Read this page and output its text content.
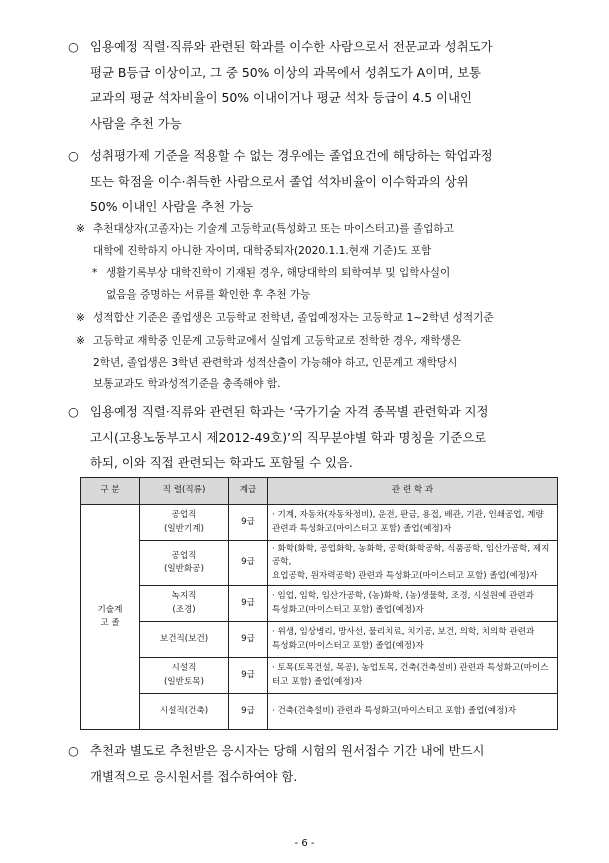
○ 임용예정 직렬·직류와 관련된 학과를 이수한 사람으로서 전문교과 성취도가
평균 B등급 이상이고, 그 중 50% 이상의 과목에서 성취도가 A이며, 보통
교과의 평균 석차비율이 50% 이내이거나 평균 석차 등급이 4.5 이내인
사람을 추천 가능
○ 성취평가제 기준을 적용할 수 없는 경우에는 졸업요건에 해당하는 학업과정
또는 학점을 이수·취득한 사람으로서 졸업 석차비율이 이수학과의 상위
50% 이내인 사람을 추천 가능
※ 추천대상자(고졸자)는 기술계 고등학교(특성화고 또는 마이스터고)를 졸업하고
대학에 진학하지 아니한 자이며, 대학중퇴자(2020.1.1.현재 기준)도 포함
* 생활기록부상 대학진학이 기재된 경우, 해당대학의 퇴학여부 및 입학사실이
없음을 증명하는 서류를 확인한 후 추천 가능
※ 성적합산 기준은 졸업생은 고등학교 전학년, 졸업예정자는 고등학교 1~2학년 성적기준
※ 고등학교 재학중 인문계 고등학교에서 실업계 고등학교로 전학한 경우, 재학생은
2학년, 졸업생은 3학년 관련학과 성적산출이 가능해야 하고, 인문계고 재학당시
보통교과도 학과성적기준을 충족해야 함.
○ 임용예정 직렬·직류와 관련된 학과는 ‘국가기술 자격 종목별 관련학과 지정
고시(고용노동부고시 제2012-49호)’의 직무분야별 학과 명칭을 기준으로
하되, 이와 직접 관련되는 학과도 포함될 수 있음.
구 분	직 렬(직류)	계급	관 련 학 과
기술계
고 졸	공업직
(일반기계)	9급	· 기계, 자동차(자동차정비), 운전, 판금, 용접, 배관, 기관, 인쇄공업, 계량
관련과 특성화고(마이스터고 포함) 졸업(예정)자
	공업직
(일반화공)	9급	· 화학(화학, 공업화학, 농화학, 공학(화학공학, 식품공학, 임산가공학, 제지공학,
요업공학, 원자력공학) 관련과 특성화고(마이스터고 포함) 졸업(예정)자
	녹지직
(조경)	9급	· 임업, 임학, 임산가공학, (농)화학, (농)생물학, 조경, 시설원예 관련과
특성화고(마이스터고 포함) 졸업(예정)자
	보건직(보건)	9급	· 위생, 임상병리, 방사선, 물리치료, 치기공, 보건, 의학, 치의학 관련과
특성화고(마이스터고 포함) 졸업(예정)자
	시설직
(일반토목)	9급	· 토목(토목건설, 목공), 농업토목, 건축(건축설비) 관련과 특성화고(마이스
터고 포함) 졸업(예정)자
	시설직(건축)	9급	· 건축(건축설비) 관련과 특성화고(마이스터고 포함) 졸업(예정)자
○ 추천과 별도로 추천받은 응시자는 당해 시험의 원서접수 기간 내에 반드시
개별적으로 응시원서를 접수하여야 함.
- 6 -
